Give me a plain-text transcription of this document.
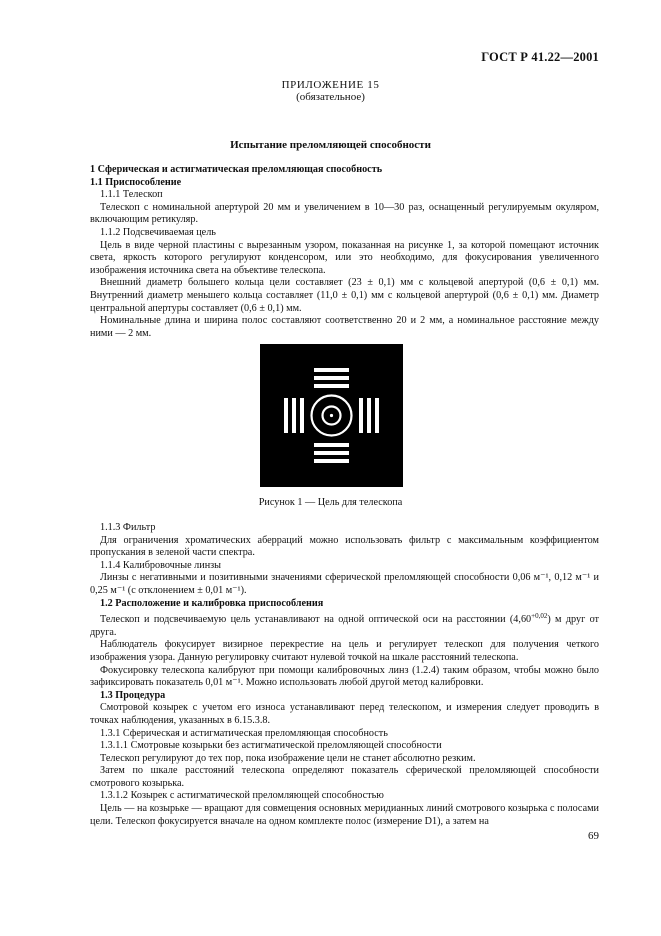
ГОСТ Р 41.22—2001
ПРИЛОЖЕНИЕ 15
(обязательное)
Испытание преломляющей способности

1 Сферическая и астигматическая преломляющая способность

1.1 Приспособление

1.1.1 Телескоп

Телескоп с номинальной апертурой 20 мм и увеличением в 10—30 раз, оснащенный регулируемым окуляром, включающим ретикуляр.

1.1.2 Подсвечиваемая цель

Цель в виде черной пластины с вырезанным узором, показанная на рисунке 1, за которой помещают источник света, яркость которого регулируют конденсором, или это необходимо, для фокусирования увеличенного изображения источника света на объективе телескопа.

Внешний диаметр большего кольца цели составляет (23 ± 0,1) мм с кольцевой апертурой (0,6 ± 0,1) мм. Внутренний диаметр меньшего кольца составляет (11,0 ± 0,1) мм с кольцевой апертурой (0,6 ± 0,1) мм. Диаметр центральной апертуры составляет (0,6 ± 0,1) мм.

Номинальные длина и ширина полос составляют соответственно 20 и 2 мм, а номинальное расстояние между ними — 2 мм.

Рисунок 1 — Цель для телескопа

1.1.3 Фильтр

Для ограничения хроматических аберраций можно использовать фильтр с максимальным коэффициентом пропускания в зеленой части спектра.

1.1.4 Калибровочные линзы

Линзы с негативными и позитивными значениями сферической преломляющей способности 0,06 м⁻¹, 0,12 м⁻¹ и 0,25 м⁻¹ (с отклонением ± 0,01 м⁻¹).

1.2 Расположение и калибровка приспособления

Телескоп и подсвечиваемую цель устанавливают на одной оптической оси на расстоянии $(4,60^{+0,02})$ м друг от друга.

Наблюдатель фокусирует визирное перекрестие на цель и регулирует телескоп для получения четкого изображения узора. Данную регулировку считают нулевой точкой на шкале расстояний телескопа.

Фокусировку телескопа калибруют при помощи калибровочных линз (1.2.4) таким образом, чтобы можно было зафиксировать показатель 0,01 м⁻¹. Можно использовать любой другой метод калибровки.

1.3 Процедура

Смотровой козырек с учетом его износа устанавливают перед телескопом, и измерения следует проводить в точках наблюдения, указанных в 6.15.3.8.

1.3.1 Сферическая и астигматическая преломляющая способность

1.3.1.1 Смотровые козырьки без астигматической преломляющей способности

Телескоп регулируют до тех пор, пока изображение цели не станет абсолютно резким.

Затем по шкале расстояний телескопа определяют показатель сферической преломляющей способности смотрового козырька.

1.3.1.2 Козырек с астигматической преломляющей способностью

Цель — на козырьке — вращают для совмещения основных меридианных линий смотрового козырька с полосами цели. Телескоп фокусируется вначале на одном комплекте полос (измерение D1), а затем на

69
